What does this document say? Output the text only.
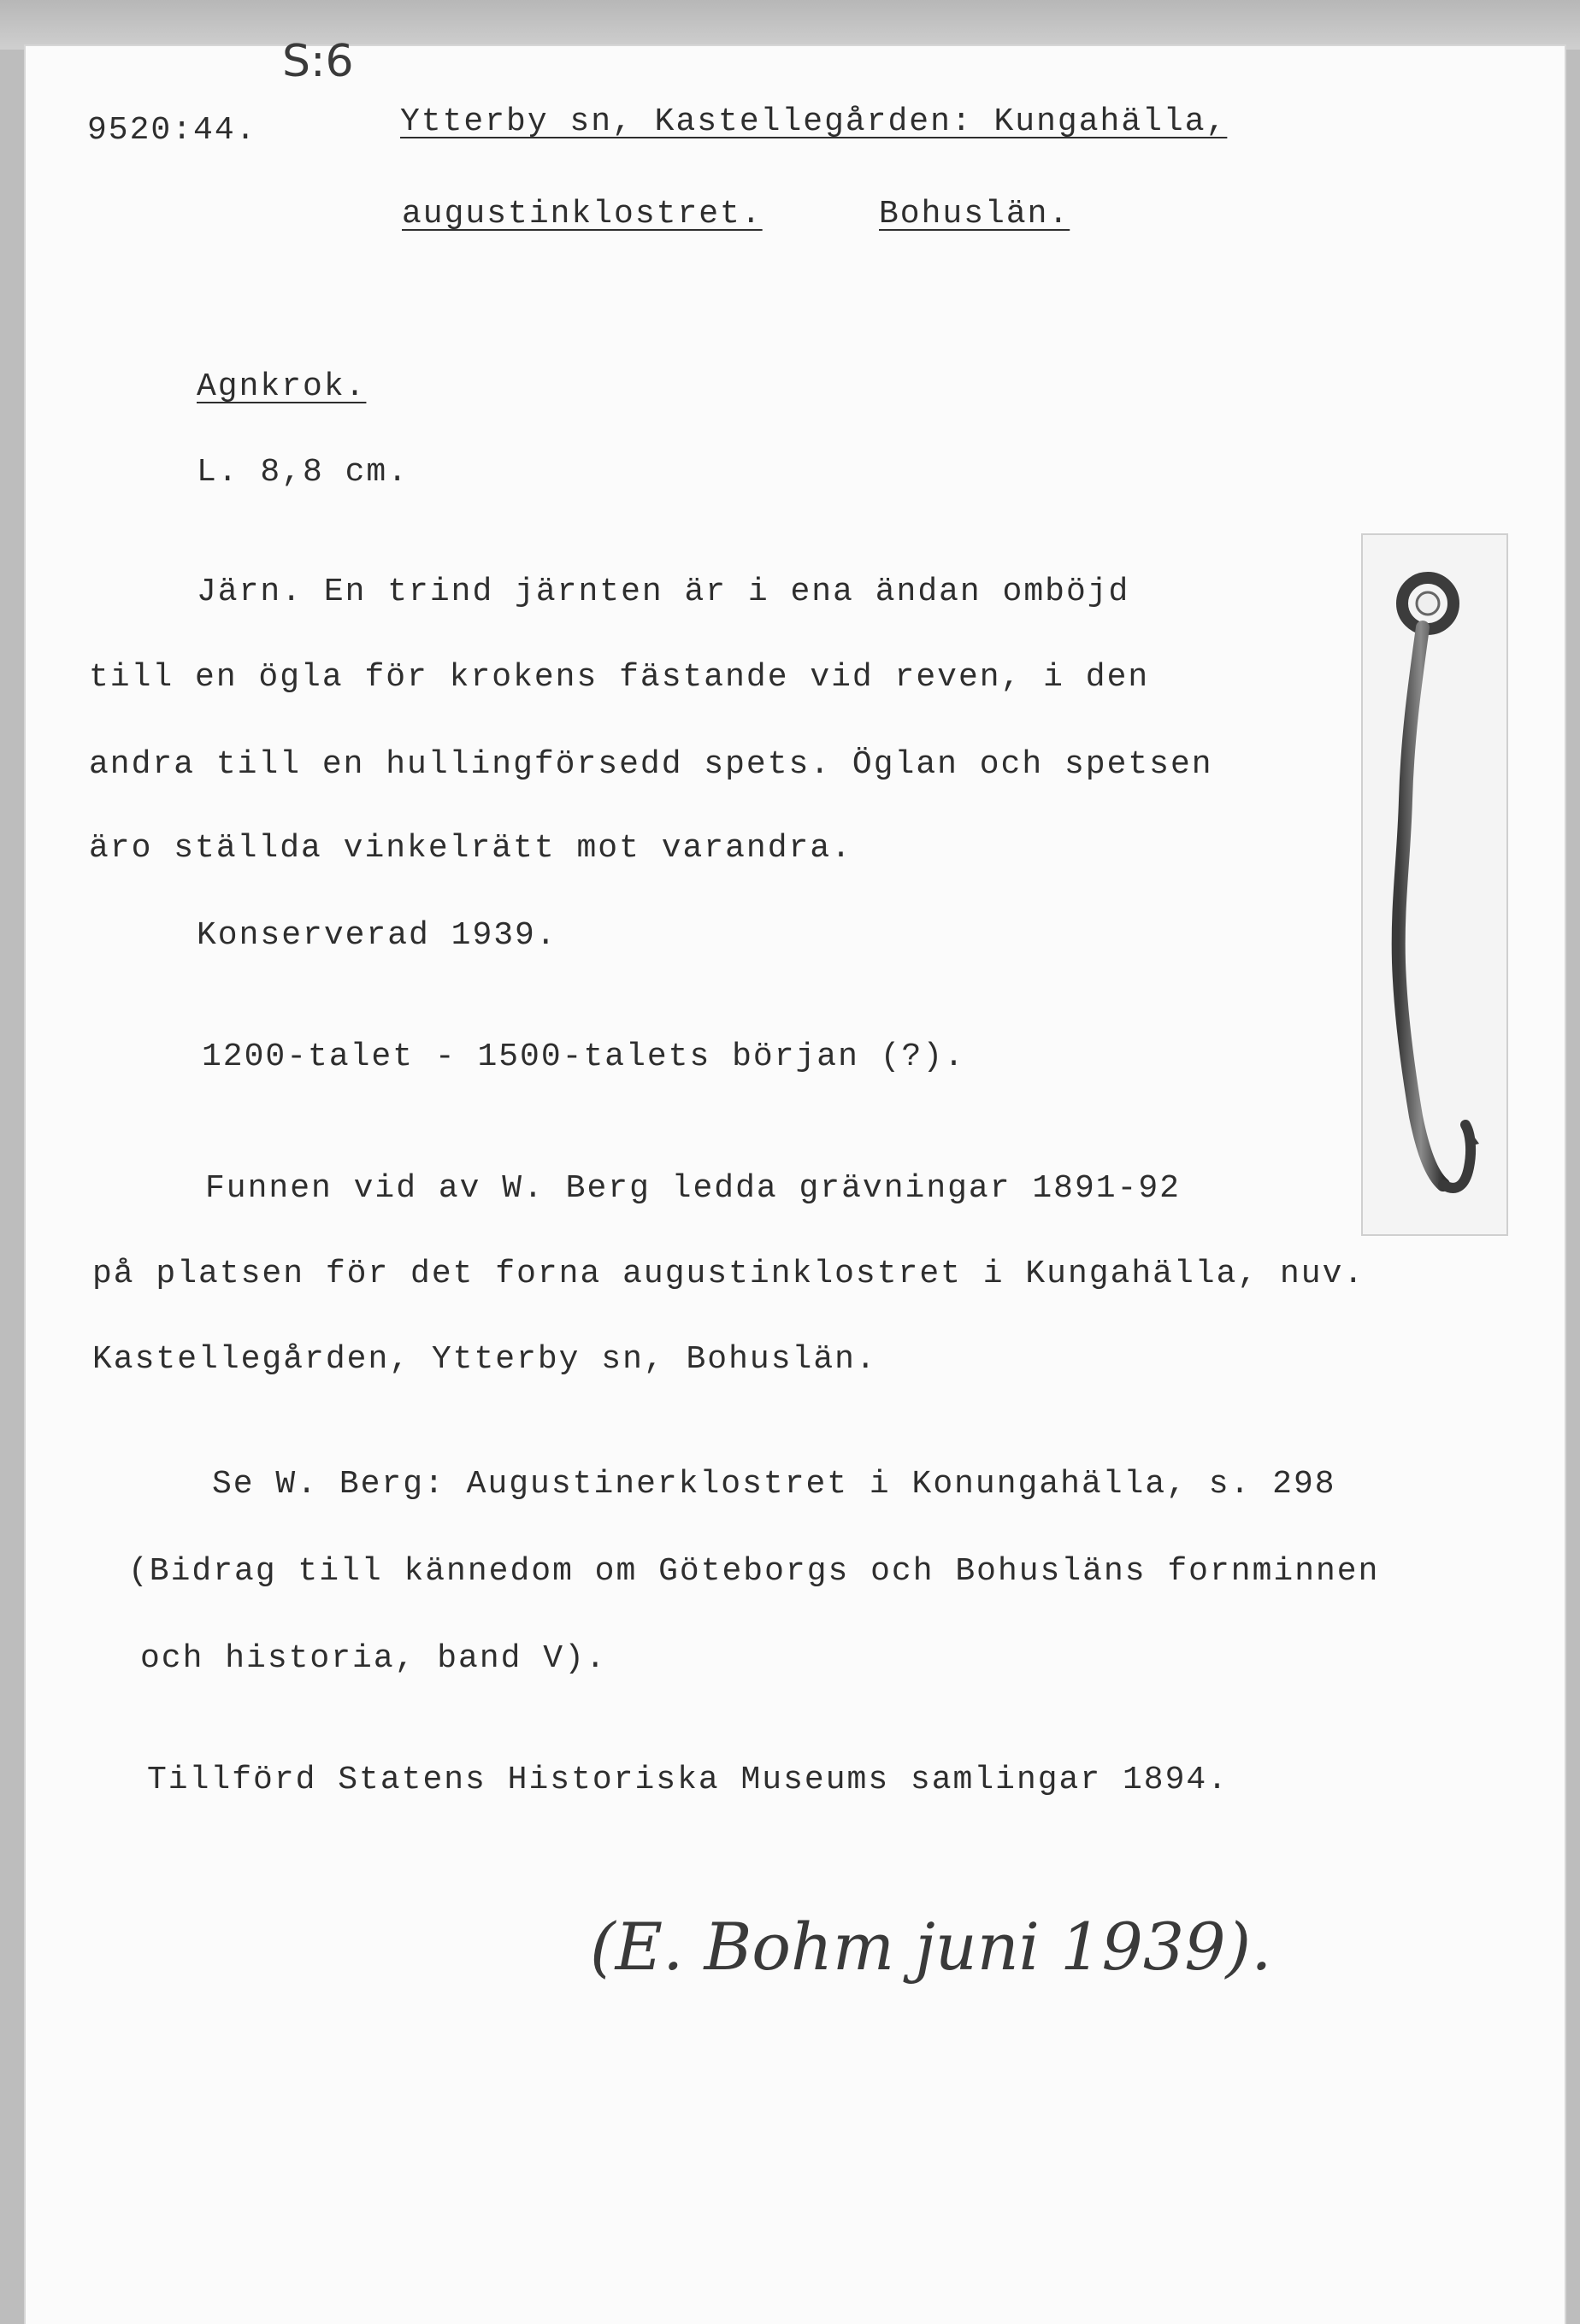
S:6
9520:44.	Ytterby sn, Kastellegården: Kungahälla,
augustinklostret.	Bohuslän.
Agnkrok.
L. 8,8 cm.
Järn. En trind järnten är i ena ändan omböjd
till en ögla för krokens fästande vid reven, i den
andra till en hullingförsedd spets. Öglan och spetsen
äro ställda vinkelrätt mot varandra.
Konserverad 1939.
1200-talet - 1500-talets början (?).
Funnen vid av W. Berg ledda grävningar 1891-92
på platsen för det forna augustinklostret i Kungahälla, nuv.
Kastellegården, Ytterby sn, Bohuslän.
Se W. Berg: Augustinerklostret i Konungahälla, s. 298
(Bidrag till kännedom om Göteborgs och Bohusläns fornminnen
och historia, band V).
Tillförd Statens Historiska Museums samlingar 1894.
(E. Bohm juni 1939).
